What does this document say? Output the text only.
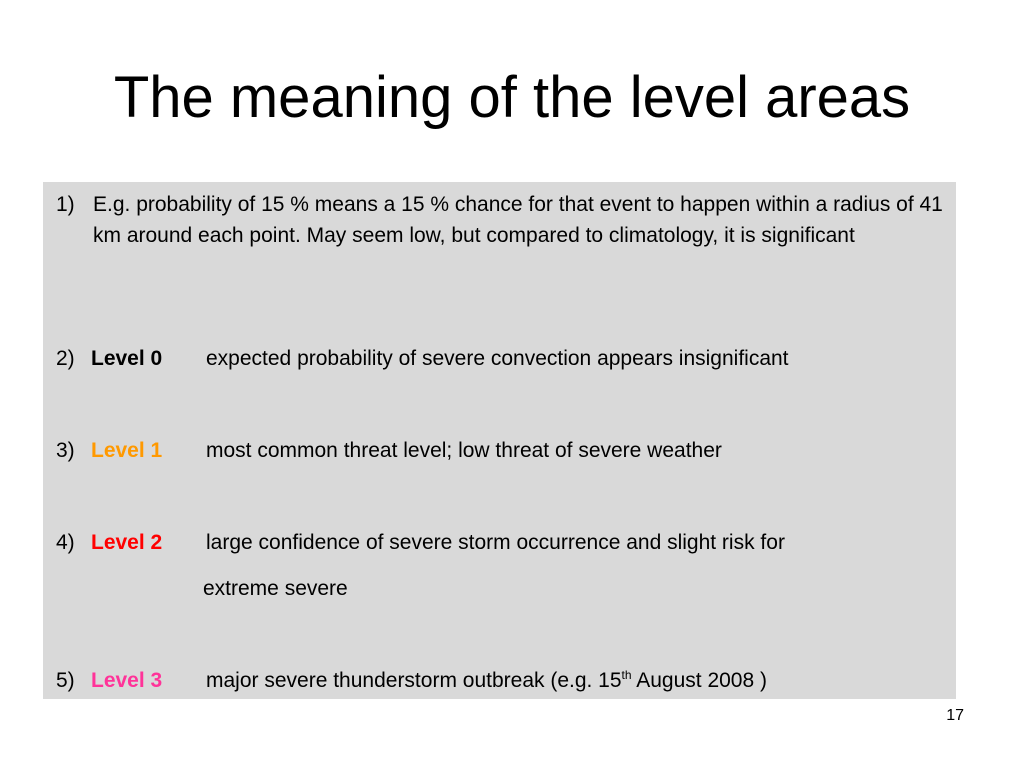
The meaning of the level areas
1) E.g. probability of 15 % means a 15 % chance for that event to happen within a radius of 41 km around each point. May seem low, but compared to climatology, it is significant
2) Level 0 expected probability of severe convection appears insignificant
3) Level 1 most common threat level; low threat of severe weather
4) Level 2 large confidence of severe storm occurrence and slight risk for
extreme severe
5) Level 3 major severe thunderstorm outbreak (e.g. 15th August 2008 )
17
